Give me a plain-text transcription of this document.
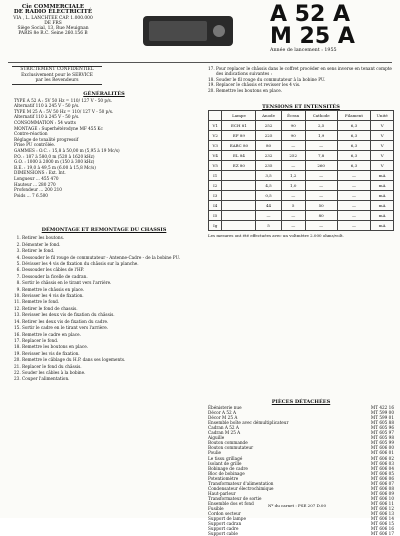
Cie COMMERCIALE
DE RADIO ÉLECTRICITÉ
VIA , L. LANCHTEE CAP. 1.000.000 DE FRS
Siège Social, 13, Rue Meuignan
PARIS 8e R.C. Seine 260.156 B
A 52 A
M 25 A
Année de lancement : 1955
STRICTEMENT CONFIDENTIEL
Exclusivement pour le SERVICE
par les Revendeurs
GÉNÉRALITÉS
TYPE A 52 A : 5V 50 Hz = 110/ 127 V - 50 p/s.
Alternatif 110 à 245 V - 50 p/s.
TYPE M 25 A : 5V 50 Hz = 110/ 127 V - 50 p/s.
Alternatif 110 à 245 V - 50 p/s.
CONSOMMATION : 54 watts
MONTAGE : Superhétérodyne MF 455 Kc
Contre-réaction
Réglage de tonalité progressif
Prise PU contrôlée.
GAMMES : O.C. : 15,8 à 50,00 m (5,95 à 19 Mc/s)
P.O. : 187 à 580,0 m (520 à 1620 kHz)
G.O. : 1000 à 2000 m (150 à 300 kHz)
B.E. : 19,0 à 49,5 m (6.00 à 15,8 Mc/s)
DIMENSIONS : Ext. Int.
Longueur ... 455 470
Hauteur ... 280 270
Profondeur ... 200 210
Poids ... 7 6.500
DÉMONTAGE ET REMONTAGE DU CHASSIS
1. Retirer les boutons.
2. Démonter le fond.
3. Retirer le fond.
4. Dessouder le fil rouge de commutateur - Antenne-Cadre - de la bobine PU.
5. Dévisser les 4 vis de fixation du châssis sur la planche.
6. Dessouder les câbles de l'HP.
7. Dessouder la ficelle de cadran.
8. Sortir le châssis en le tirant vers l'arrière.
9. Remettre le châssis en place.
10. Revisser les 4 vis de fixation.
11. Remettre le fond.
12. Retirer le fond de chassis.
13. Revisser les deux vis de fixation du châssis.
14. Retirer les deux vis de fixation du cadre.
15. Sortir le cadre en le tirant vers l'arrière.
16. Remettre le cadre en place.
17. Replacer le fond.
18. Remettre les boutons en place.
19. Revisser les vis de fixation.
20. Remettre le câblage du H.P. dans ses logements.
21. Replacer le fond du châssis.
22. Souder les câbles à la bobine.
23. Couper l'alimentation.
17. Pour replacer le châssis dans le coffret procéder en sens inverse en tenant compte des indications suivantes :
18. Souder le fil rouge du commutateur à la bobine PU.
19. Replacer le châssis et revisser les 4 vis.
20. Remettre les boutons en place.
TENSIONS ET INTENSITÉS
	Lampe	Anode	Écran	Cathode	Filament	Unité
V1	ECH 81	252	90	2,5	6,3	V
V2	EF 89	225	90	1,9	6,3	V
V3	EABC 80	80	—	—	6,3	V
V4	EL 84	232	252	7,8	6,3	V
V5	EZ 80	235	—	260	6,3	V
I1		3,5	1,2	—	—	mA
I2		4,5	1,0	—	—	mA
I3		0,5	—	—	—	mA
I4		44	5	50	—	mA
I5		—	—	80	—	mA
Ig		5	—	—	—	mA
Les mesures ont été effectuées avec un voltmètre 2.000 ohms/volt.
PIÈCES DÉTACHÉES
Ébénisterie nue	MT 422 16
Décor A 52 A	MT 599 00
Décor M 25 A	MT 599 01
Ensemble boîte avec démultiplicateur	MT 605 88
Cadran A 52 A	MT 605 96
Cadran M 25 A	MT 605 97
Aiguille	MT 605 98
Bouton commande	MT 605 99
Bouton commutateur	MT 606 00
Poulie	MT 606 01
Le tissu grillagé	MT 606 02
Isolant de grille	MT 606 03
Bobinage de cadre	MT 606 04
Bloc de bobinage	MT 606 05
Potentiomètre	MT 606 06
Transformateur d'alimentation	MT 606 07
Condensateur électrochimique	MT 606 08
Haut-parleur	MT 606 09
Transformateur de sortie	MT 606 10
Ensemble dos et fond	MT 606 11
Fusible	MT 606 12
Cordon secteur	MT 606 13
Support de lampe	MT 606 14
Support cadran	MT 606 15
Support cadre	MT 606 16
Support cable	MT 606 17
Nº du carnet : PSE 207 D.00
